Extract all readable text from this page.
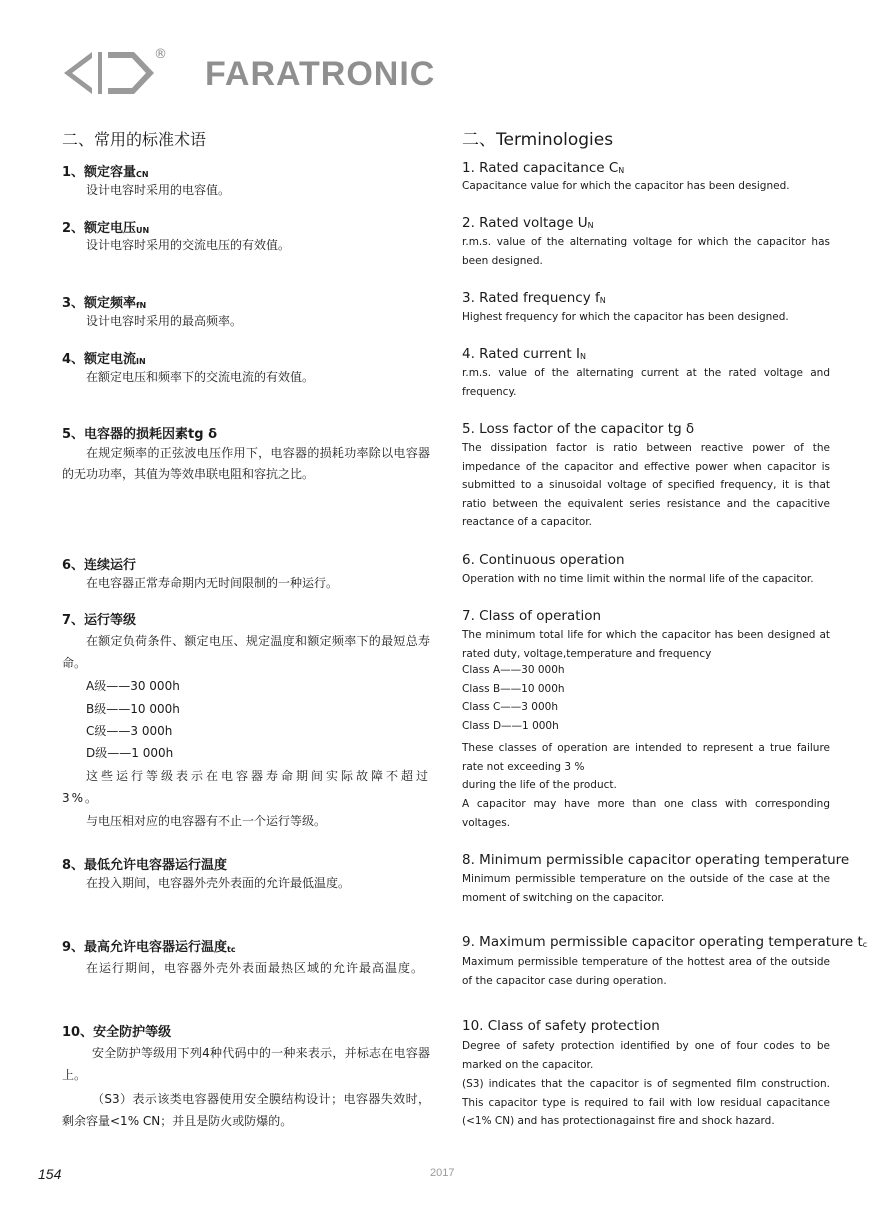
®
FARATRONIC
二、常用的标准术语
1、额定容量$_{CN}$
设计电容时采用的电容值。
2、额定电压$_{UN}$
设计电容时采用的交流电压的有效值。
3、额定频率$_{fN}$
设计电容时采用的最高频率。
4、额定电流$_{IN}$
在额定电压和频率下的交流电流的有效值。
5、电容器的损耗因素tg δ
在规定频率的正弦波电压作用下，电容器的损耗功率除以电容器的无功功率，其值为等效串联电阻和容抗之比。
6、连续运行
在电容器正常寿命期内无时间限制的一种运行。
7、运行等级
在额定负荷条件、额定电压、规定温度和额定频率下的最短总寿命。
A级——30 000h
B级——10 000h
C级——3 000h
D级——1 000h
这些运行等级表示在电容器寿命期间实际故障不超过3%。
与电压相对应的电容器有不止一个运行等级。
8、最低允许电容器运行温度
在投入期间，电容器外壳外表面的允许最低温度。
9、最高允许电容器运行温度$_{tc}$
在运行期间，电容器外壳外表面最热区域的允许最高温度。
10、安全防护等级
安全防护等级用下列4种代码中的一种来表示，并标志在电容器上。
（S3）表示该类电容器使用安全膜结构设计；电容器失效时，剩余容量<1% CN；并且是防火或防爆的。
二、Terminologies
1. Rated capacitance $C_N$
Capacitance value for which the capacitor has been designed.
2. Rated voltage $U_N$
r.m.s. value of the alternating voltage for which the capacitor has been designed.
3. Rated frequency $f_N$
Highest frequency for which the capacitor has been designed.
4. Rated current $I_N$
r.m.s. value of the alternating current at the rated voltage and frequency.
5. Loss factor of the capacitor tg δ
The dissipation factor is ratio between reactive power of the impedance of the capacitor and effective power when capacitor is submitted to a sinusoidal voltage of specified frequency, it is that ratio between the equivalent series resistance and the capacitive reactance of a capacitor.
6. Continuous operation
Operation with no time limit within the normal life of the capacitor.
7. Class of operation
The minimum total life for which the capacitor has been designed at rated duty, voltage,temperature and frequency
Class A——30 000h
Class B——10 000h
Class C——3 000h
Class D——1 000h
These classes of operation are intended to represent a true failure rate not exceeding 3 %
during the life of the product.
A capacitor may have more than one class with corresponding voltages.
8. Minimum permissible capacitor operating temperature
Minimum permissible temperature on the outside of the case at the moment of switching on the capacitor.
9. Maximum permissible capacitor operating temperature $t_c$
Maximum permissible temperature of the hottest area of the outside of the capacitor case during operation.
10. Class of safety protection
Degree of safety protection identified by one of four codes to be marked on the capacitor.
(S3) indicates that the capacitor is of segmented film construction. This capacitor type is required to fail with low residual capacitance (<1% CN) and has protectionagainst fire and shock hazard.
154	2017
